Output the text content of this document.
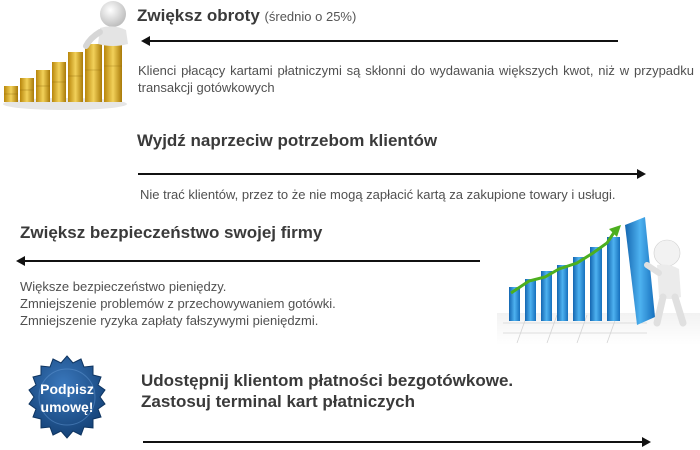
Zwiększ obroty (średnio o 25%)
Klienci płacący kartami płatniczymi są skłonni do wydawania większych kwot, niż w przypadku transakcji gotówkowych
Wyjdź naprzeciw potrzebom klientów
Nie trać klientów, przez to że nie mogą zapłacić kartą za zakupione towary i usługi.
Zwiększ bezpieczeństwo swojej firmy
Większe bezpieczeństwo pieniędzy.
Zmniejszenie problemów z przechowywaniem gotówki.
Zmniejszenie ryzyka zapłaty fałszywymi pieniędzmi.
Podpisz
umowę!
Udostępnij klientom płatności bezgotówkowe.
Zastosuj terminal kart płatniczych
